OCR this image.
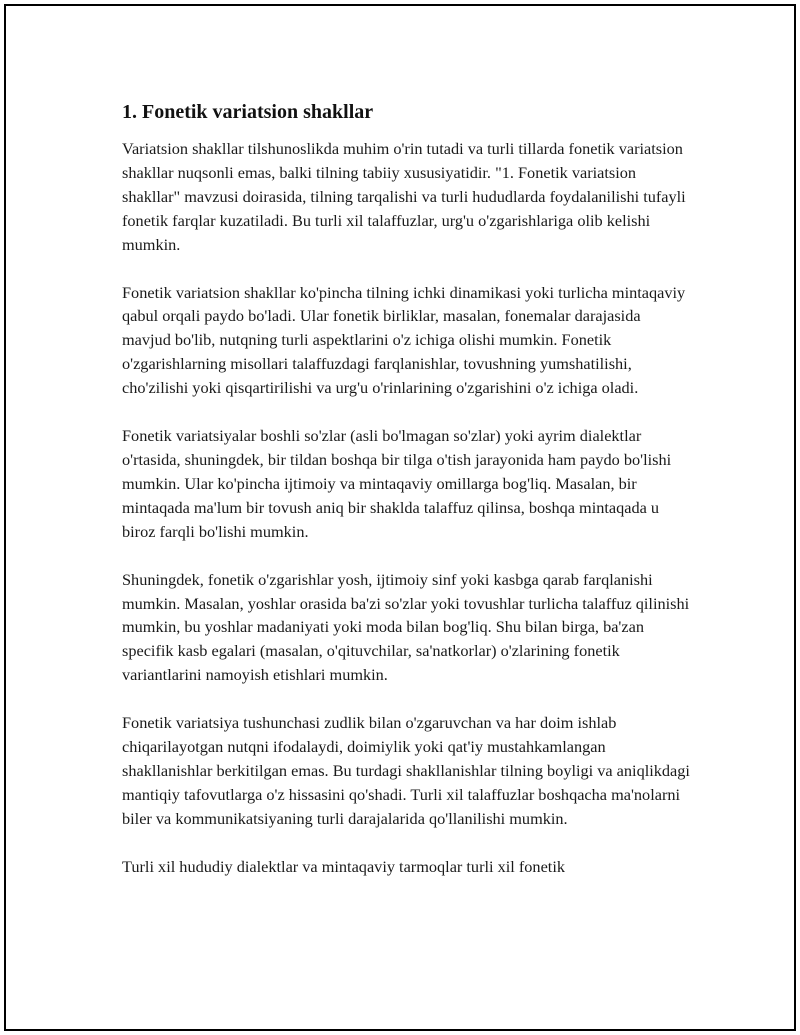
1. Fonetik variatsion shakllar

Variatsion shakllar tilshunoslikda muhim o'rin tutadi va turli tillarda fonetik variatsion shakllar nuqsonli emas, balki tilning tabiiy xususiyatidir. "1. Fonetik variatsion shakllar" mavzusi doirasida, tilning tarqalishi va turli hududlarda foydalanilishi tufayli fonetik farqlar kuzatiladi. Bu turli xil talaffuzlar, urg'u o'zgarishlariga olib kelishi mumkin.

Fonetik variatsion shakllar ko'pincha tilning ichki dinamikasi yoki turlicha mintaqaviy qabul orqali paydo bo'ladi. Ular fonetik birliklar, masalan, fonemalar darajasida mavjud bo'lib, nutqning turli aspektlarini o'z ichiga olishi mumkin. Fonetik o'zgarishlarning misollari talaffuzdagi farqlanishlar, tovushning yumshatilishi, cho'zilishi yoki qisqartirilishi va urg'u o'rinlarining o'zgarishini o'z ichiga oladi.

Fonetik variatsiyalar boshli so'zlar (asli bo'lmagan so'zlar) yoki ayrim dialektlar o'rtasida, shuningdek, bir tildan boshqa bir tilga o'tish jarayonida ham paydo bo'lishi mumkin. Ular ko'pincha ijtimoiy va mintaqaviy omillarga bog'liq. Masalan, bir mintaqada ma'lum bir tovush aniq bir shaklda talaffuz qilinsa, boshqa mintaqada u biroz farqli bo'lishi mumkin.

Shuningdek, fonetik o'zgarishlar yosh, ijtimoiy sinf yoki kasbga qarab farqlanishi mumkin. Masalan, yoshlar orasida ba'zi so'zlar yoki tovushlar turlicha talaffuz qilinishi mumkin, bu yoshlar madaniyati yoki moda bilan bog'liq. Shu bilan birga, ba'zan specifik kasb egalari (masalan, o'qituvchilar, sa'natkorlar) o'zlarining fonetik variantlarini namoyish etishlari mumkin.

Fonetik variatsiya tushunchasi zudlik bilan o'zgaruvchan va har doim ishlab chiqarilayotgan nutqni ifodalaydi, doimiylik yoki qat'iy mustahkamlangan shakllanishlar berkitilgan emas. Bu turdagi shakllanishlar tilning boyligi va aniqlikdagi mantiqiy tafovutlarga o'z hissasini qo'shadi. Turli xil talaffuzlar boshqacha ma'nolarni biler va kommunikatsiyaning turli darajalarida qo'llanilishi mumkin.

Turli xil hududiy dialektlar va mintaqaviy tarmoqlar turli xil fonetik
